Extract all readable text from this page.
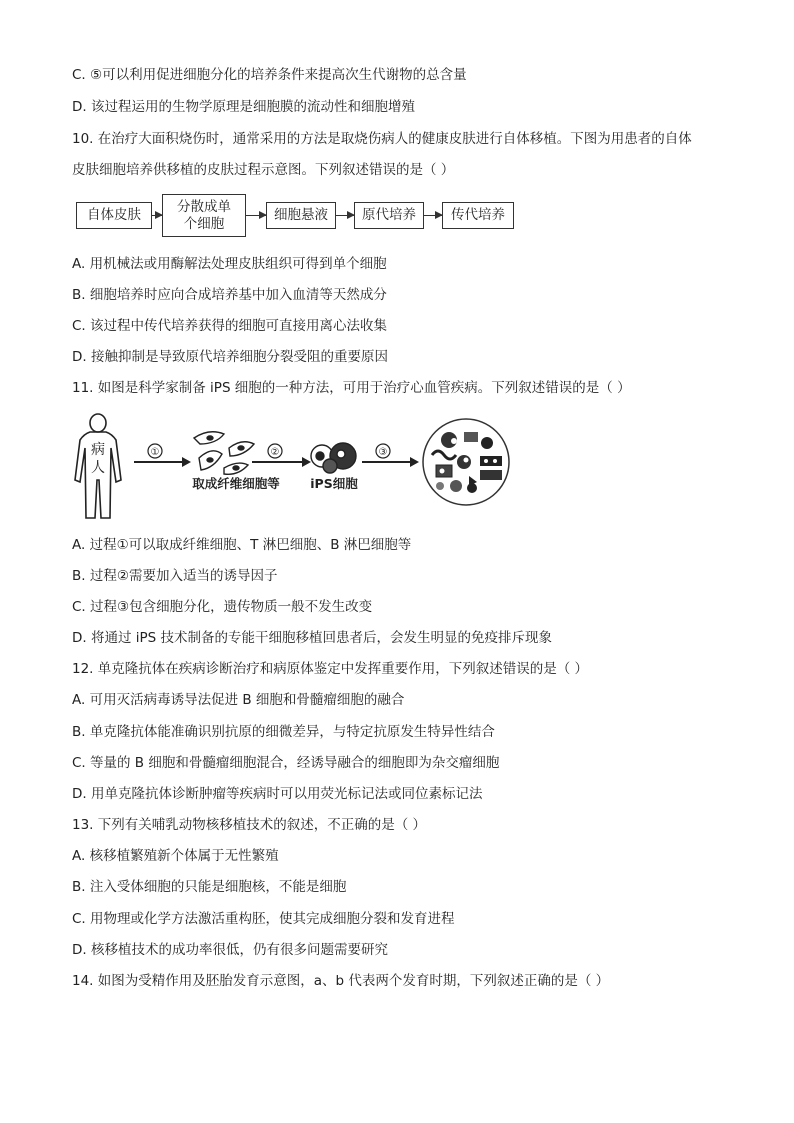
C. ⑤可以利用促进细胞分化的培养条件来提高次生代谢物的总含量
D. 该过程运用的生物学原理是细胞膜的流动性和细胞增殖
10. 在治疗大面积烧伤时，通常采用的方法是取烧伤病人的健康皮肤进行自体移植。下图为用患者的自体
皮肤细胞培养供移植的皮肤过程示意图。下列叙述错误的是（ ）
自体皮肤
分散成单
个细胞
细胞悬液	原代培养	传代培养
A. 用机械法或用酶解法处理皮肤组织可得到单个细胞
B. 细胞培养时应向合成培养基中加入血清等天然成分
C. 该过程中传代培养获得的细胞可直接用离心法收集
D. 接触抑制是导致原代培养细胞分裂受阻的重要原因
11. 如图是科学家制备 iPS 细胞的一种方法，可用于治疗心血管疾病。下列叙述错误的是（ ）
病
人
①
取成纤维细胞等
②
iPS细胞
③
A. 过程①可以取成纤维细胞、T 淋巴细胞、B 淋巴细胞等
B. 过程②需要加入适当的诱导因子
C. 过程③包含细胞分化，遗传物质一般不发生改变
D. 将通过 iPS 技术制备的专能干细胞移植回患者后，会发生明显的免疫排斥现象
12. 单克隆抗体在疾病诊断治疗和病原体鉴定中发挥重要作用，下列叙述错误的是（ ）
A. 可用灭活病毒诱导法促进 B 细胞和骨髓瘤细胞的融合
B. 单克隆抗体能准确识别抗原的细微差异，与特定抗原发生特异性结合
C. 等量的 B 细胞和骨髓瘤细胞混合，经诱导融合的细胞即为杂交瘤细胞
D. 用单克隆抗体诊断肿瘤等疾病时可以用荧光标记法或同位素标记法
13. 下列有关哺乳动物核移植技术的叙述，不正确的是（ ）
A. 核移植繁殖新个体属于无性繁殖
B. 注入受体细胞的只能是细胞核，不能是细胞
C. 用物理或化学方法激活重构胚，使其完成细胞分裂和发育进程
D. 核移植技术的成功率很低，仍有很多问题需要研究
14. 如图为受精作用及胚胎发育示意图，a、b 代表两个发育时期，下列叙述正确的是（ ）
